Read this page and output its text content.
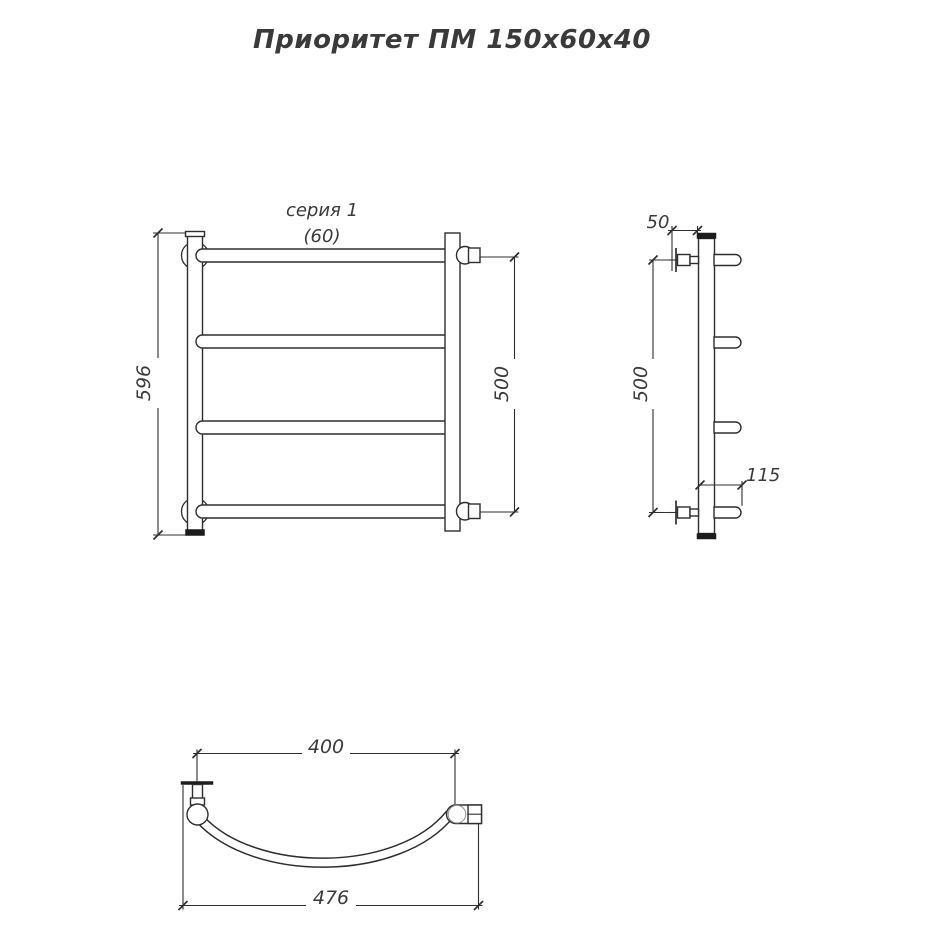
Приоритет ПМ 150x60x40
596	500
серия 1
(60)
50
500
115
400
476
